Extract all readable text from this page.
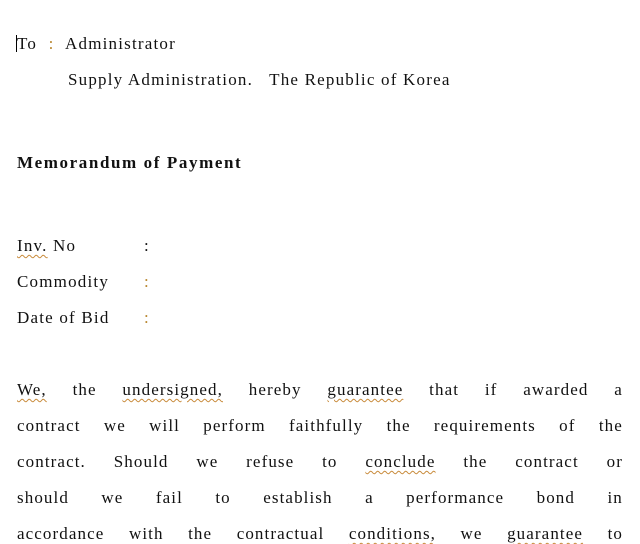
To : Administrator
Supply Administration.   The Republic of Korea
Memorandum of Payment
Inv. No	:
Commodity :
Date of Bid :
We, the undersigned, hereby guarantee that if awarded a
contract we will perform faithfully the requirements of the
contract. Should we refuse to conclude the contract or
should we fail to establish a performance bond in
accordance with the contractual conditions, we guarantee to
